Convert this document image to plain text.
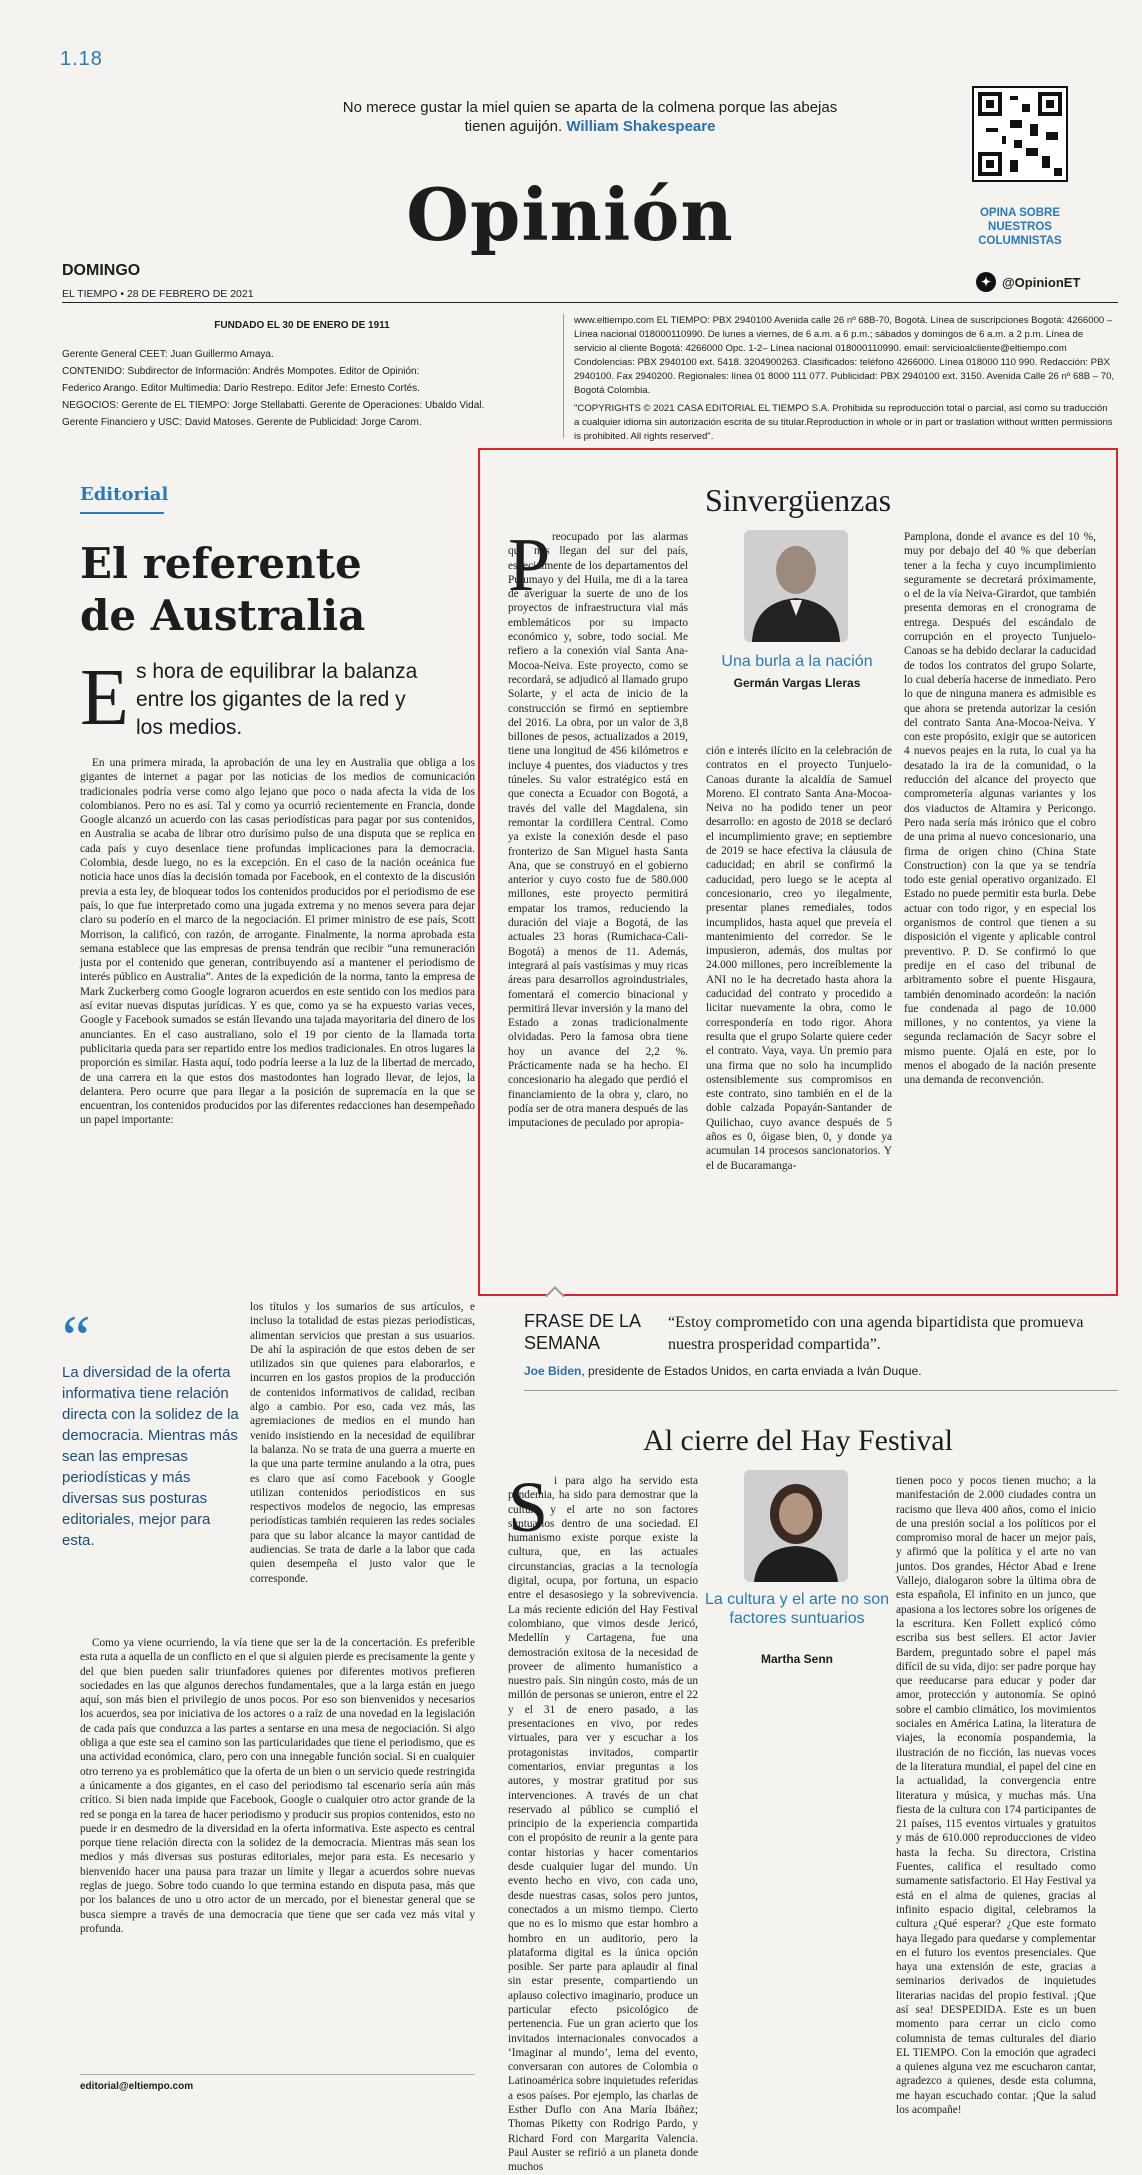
1.18
No merece gustar la miel quien se aparta de la colmena porque las abejas tienen aguijón. William Shakespeare
Opinión	OPINA SOBRE NUESTROS COLUMNISTAS
DOMINGO
EL TIEMPO • 28 DE FEBRERO DE 2021
✦ @OpinionET
FUNDADO EL 30 DE ENERO DE 1911
Gerente General CEET: Juan Guillermo Amaya.
CONTENIDO: Subdirector de Información: Andrés Mompotes. Editor de Opinión:
Federico Arango. Editor Multimedia: Darío Restrepo. Editor Jefe: Ernesto Cortés.
NEGOCIOS: Gerente de EL TIEMPO: Jorge Stellabatti. Gerente de Operaciones: Ubaldo Vidal.
Gerente Financiero y USC: David Matoses. Gerente de Publicidad: Jorge Carom.
www.eltiempo.com EL TIEMPO: PBX 2940100 Avenida calle 26 nº 68B-70, Bogotá. Línea de suscripciones Bogotá: 4266000 – Línea nacional 018000110990. De lunes a viernes, de 6 a.m. a 6 p.m.; sábados y domingos de 6 a.m. a 2 p.m. Línea de servicio al cliente Bogotá: 4266000 Opc. 1-2– Línea nacional 018000110990. email: servicioalcliente@eltiempo.com Condolencias: PBX 2940100 ext. 5418. 3204900263. Clasificados: teléfono 4266000. Línea 018000 110 990. Redacción: PBX 2940100. Fax 2940200. Regionales: línea 01 8000 111 077. Publicidad: PBX 2940100 ext. 3150. Avenida Calle 26 nº 68B – 70, Bogotá Colombia.
"COPYRIGHTS © 2021 CASA EDITORIAL EL TIEMPO S.A. Prohibida su reproducción total o parcial, así como su traducción a cualquier idioma sin autorización escrita de su titular.Reproduction in whole or in part or traslation without written permissions is prohibited. All rights reserved".
Editorial
El referente de Australia
E s hora de equilibrar la balanza entre los gigantes de la red y los medios.
En una primera mirada, la aprobación de una ley en Australia que obliga a los gigantes de internet a pagar por las noticias de los medios de comunicación tradicionales podría verse como algo lejano que poco o nada afecta la vida de los colombianos. Pero no es así. Tal y como ya ocurrió recientemente en Francia, donde Google alcanzó un acuerdo con las casas periodísticas para pagar por sus contenidos, en Australia se acaba de librar otro durísimo pulso de una disputa que se replica en cada país y cuyo desenlace tiene profundas implicaciones para la democracia. Colombia, desde luego, no es la excepción. En el caso de la nación oceánica fue noticia hace unos días la decisión tomada por Facebook, en el contexto de la discusión previa a esta ley, de bloquear todos los contenidos producidos por el periodismo de ese país, lo que fue interpretado como una jugada extrema y no menos severa para dejar claro su poderío en el marco de la negociación. El primer ministro de ese país, Scott Morrison, la calificó, con razón, de arrogante. Finalmente, la norma aprobada esta semana establece que las empresas de prensa tendrán que recibir “una remuneración justa por el contenido que generan, contribuyendo así a mantener el periodismo de interés público en Australia”. Antes de la expedición de la norma, tanto la empresa de Mark Zuckerberg como Google lograron acuerdos en este sentido con los medios para así evitar nuevas disputas jurídicas. Y es que, como ya se ha expuesto varias veces, Google y Facebook sumados se están llevando una tajada mayoritaria del dinero de los anunciantes. En el caso australiano, solo el 19 por ciento de la llamada torta publicitaria queda para ser repartido entre los medios tradicionales. En otros lugares la proporción es similar. Hasta aquí, todo podría leerse a la luz de la libertad de mercado, de una carrera en la que estos dos mastodontes han logrado llevar, de lejos, la delantera. Pero ocurre que para llegar a la posición de supremacía en la que se encuentran, los contenidos producidos por las diferentes redacciones han desempeñado un papel importante:
“
La diversidad de la oferta informativa tiene relación directa con la solidez de la democracia. Mientras más sean las empresas periodísticas y más diversas sus posturas editoriales, mejor para esta.
los títulos y los sumarios de sus artículos, e incluso la totalidad de estas piezas periodísticas, alimentan servicios que prestan a sus usuarios. De ahí la aspiración de que estos deben de ser utilizados sin que quienes para elaborarlos, e incurren en los gastos propios de la producción de contenidos informativos de calidad, reciban algo a cambio. Por eso, cada vez más, las agremiaciones de medios en el mundo han venido insistiendo en la necesidad de equilibrar la balanza. No se trata de una guerra a muerte en la que una parte termine anulando a la otra, pues es claro que así como Facebook y Google utilizan contenidos periodísticos en sus respectivos modelos de negocio, las empresas periodísticas también requieren las redes sociales para que su labor alcance la mayor cantidad de audiencias. Se trata de darle a la labor que cada quien desempeña el justo valor que le corresponde.
Como ya viene ocurriendo, la vía tiene que ser la de la concertación. Es preferible esta ruta a aquella de un conflicto en el que si alguien pierde es precisamente la gente y del que bien pueden salir triunfadores quienes por diferentes motivos prefieren sociedades en las que algunos derechos fundamentales, que a la larga están en juego aquí, son más bien el privilegio de unos pocos. Por eso son bienvenidos y necesarios los acuerdos, sea por iniciativa de los actores o a raíz de una novedad en la legislación de cada país que conduzca a las partes a sentarse en una mesa de negociación. Si algo obliga a que este sea el camino son las particularidades que tiene el periodismo, que es una actividad económica, claro, pero con una innegable función social. Si en cualquier otro terreno ya es problemático que la oferta de un bien o un servicio quede restringida a únicamente a dos gigantes, en el caso del periodismo tal escenario sería aún más crítico. Si bien nada impide que Facebook, Google o cualquier otro actor grande de la red se ponga en la tarea de hacer periodismo y producir sus propios contenidos, esto no puede ir en desmedro de la diversidad en la oferta informativa. Este aspecto es central porque tiene relación directa con la solidez de la democracia. Mientras más sean los medios y más diversas sus posturas editoriales, mejor para esta. Es necesario y bienvenido hacer una pausa para trazar un límite y llegar a acuerdos sobre nuevas reglas de juego. Sobre todo cuando lo que termina estando en disputa pasa, más que por los balances de uno u otro actor de un mercado, por el bienestar general que se busca siempre a través de una democracia que tiene que ser cada vez más vital y profunda.
editorial@eltiempo.com
Sinvergüenzas
P reocupado por las alarmas que nos llegan del sur del país, especialmente de los departamentos del Putumayo y del Huila, me di a la tarea de averiguar la suerte de uno de los proyectos de infraestructura vial más emblemáticos por su impacto económico y, sobre, todo social. Me refiero a la conexión vial Santa Ana-Mocoa-Neiva. Este proyecto, como se recordará, se adjudicó al llamado grupo Solarte, y el acta de inicio de la construcción se firmó en septiembre del 2016. La obra, por un valor de 3,8 billones de pesos, actualizados a 2019, tiene una longitud de 456 kilómetros e incluye 4 puentes, dos viaductos y tres túneles. Su valor estratégico está en que conecta a Ecuador con Bogotá, a través del valle del Magdalena, sin remontar la cordillera Central. Como ya existe la conexión desde el paso fronterizo de San Miguel hasta Santa Ana, que se construyó en el gobierno anterior y cuyo costo fue de 580.000 millones, este proyecto permitirá empatar los tramos, reduciendo la duración del viaje a Bogotá, de las actuales 23 horas (Rumichaca-Cali-Bogotá) a menos de 11. Además, integrará al país vastísimas y muy ricas áreas para desarrollos agroindustriales, fomentará el comercio binacional y permitirá llevar inversión y la mano del Estado a zonas tradicionalmente olvidadas. Pero la famosa obra tiene hoy un avance del 2,2 %. Prácticamente nada se ha hecho. El concesionario ha alegado que perdió el financiamiento de la obra y, claro, no podía ser de otra manera después de las imputaciones de peculado por apropia-
Una burla a la nación
Germán Vargas Lleras
ción e interés ilícito en la celebración de contratos en el proyecto Tunjuelo-Canoas durante la alcaldía de Samuel Moreno. El contrato Santa Ana-Mocoa-Neiva no ha podido tener un peor desarrollo: en agosto de 2018 se declaró el incumplimiento grave; en septiembre de 2019 se hace efectiva la cláusula de caducidad; en abril se confirmó la caducidad, pero luego se le acepta al concesionario, creo yo ilegalmente, presentar planes remediales, todos incumplidos, hasta aquel que preveía el mantenimiento del corredor. Se le impusieron, además, dos multas por 24.000 millones, pero increíblemente la ANI no le ha decretado hasta ahora la caducidad del contrato y procedido a licitar nuevamente la obra, como le correspondería en todo rigor. Ahora resulta que el grupo Solarte quiere ceder el contrato. Vaya, vaya. Un premio para una firma que no solo ha incumplido ostensiblemente sus compromisos en este contrato, sino también en el de la doble calzada Popayán-Santander de Quilichao, cuyo avance después de 5 años es 0, óigase bien, 0, y donde ya acumulan 14 procesos sancionatorios. Y el de Bucaramanga-
Pamplona, donde el avance es del 10 %, muy por debajo del 40 % que deberían tener a la fecha y cuyo incumplimiento seguramente se decretará próximamente, o el de la vía Neiva-Girardot, que también presenta demoras en el cronograma de entrega. Después del escándalo de corrupción en el proyecto Tunjuelo-Canoas se ha debido declarar la caducidad de todos los contratos del grupo Solarte, lo cual debería hacerse de inmediato. Pero lo que de ninguna manera es admisible es que ahora se pretenda autorizar la cesión del contrato Santa Ana-Mocoa-Neiva. Y con este propósito, exigir que se autoricen 4 nuevos peajes en la ruta, lo cual ya ha desatado la ira de la comunidad, o la reducción del alcance del proyecto que comprometería algunas variantes y los dos viaductos de Altamira y Pericongo. Pero nada sería más irónico que el cobro de una prima al nuevo concesionario, una firma de origen chino (China State Construction) con la que ya se tendría todo este genial operativo organizado. El Estado no puede permitir esta burla. Debe actuar con todo rigor, y en especial los organismos de control que tienen a su disposición el vigente y aplicable control preventivo. P. D. Se confirmó lo que predije en el caso del tribunal de arbitramento sobre el puente Hisgaura, también denominado acordeón: la nación fue condenada al pago de 10.000 millones, y no contentos, ya viene la segunda reclamación de Sacyr sobre el mismo puente. Ojalá en este, por lo menos el abogado de la nación presente una demanda de reconvención.
FRASE DE LA SEMANA
“Estoy comprometido con una agenda bipartidista que promueva nuestra prosperidad compartida”.
Joe Biden, presidente de Estados Unidos, en carta enviada a Iván Duque.
Al cierre del Hay Festival
S i para algo ha servido esta pandemia, ha sido para demostrar que la cultura y el arte no son factores suntuarios dentro de una sociedad. El humanismo existe porque existe la cultura, que, en las actuales circunstancias, gracias a la tecnología digital, ocupa, por fortuna, un espacio entre el desasosiego y la sobrevivencia. La más reciente edición del Hay Festival colombiano, que vimos desde Jericó, Medellín y Cartagena, fue una demostración exitosa de la necesidad de proveer de alimento humanístico a nuestro país. Sin ningún costo, más de un millón de personas se unieron, entre el 22 y el 31 de enero pasado, a las presentaciones en vivo, por redes virtuales, para ver y escuchar a los protagonistas invitados, compartir comentarios, enviar preguntas a los autores, y mostrar gratitud por sus intervenciones. A través de un chat reservado al público se cumplió el principio de la experiencia compartida con el propósito de reunir a la gente para contar historias y hacer comentarios desde cualquier lugar del mundo. Un evento hecho en vivo, con cada uno, desde nuestras casas, solos pero juntos, conectados a un mismo tiempo. Cierto que no es lo mismo que estar hombro a hombro en un auditorio, pero la plataforma digital es la única opción posible. Ser parte para aplaudir al final sin estar presente, compartiendo un aplauso colectivo imaginario, produce un particular efecto psicológico de pertenencia. Fue un gran acierto que los invitados internacionales convocados a ‘Imaginar al mundo’, lema del evento, conversaran con autores de Colombia o Latinoamérica sobre inquietudes referidas a esos países. Por ejemplo, las charlas de Esther Duflo con Ana María Ibáñez; Thomas Piketty con Rodrigo Pardo, y Richard Ford con Margarita Valencia. Paul Auster se refirió a un planeta donde muchos
La cultura y el arte no son factores suntuarios
Martha Senn
tienen poco y pocos tienen mucho; a la manifestación de 2.000 ciudades contra un racismo que lleva 400 años, como el inicio de una presión social a los políticos por el compromiso moral de hacer un mejor país, y afirmó que la política y el arte no van juntos. Dos grandes, Héctor Abad e Irene Vallejo, dialogaron sobre la última obra de esta española, El infinito en un junco, que apasiona a los lectores sobre los orígenes de la escritura. Ken Follett explicó cómo escriba sus best sellers. El actor Javier Bardem, preguntado sobre el papel más difícil de su vida, dijo: ser padre porque hay que reeducarse para educar y poder dar amor, protección y autonomía. Se opinó sobre el cambio climático, los movimientos sociales en América Latina, la literatura de viajes, la economía pospandemia, la ilustración de no ficción, las nuevas voces de la literatura mundial, el papel del cine en la actualidad, la convergencia entre literatura y música, y muchas más. Una fiesta de la cultura con 174 participantes de 21 países, 115 eventos virtuales y gratuitos y más de 610.000 reproducciones de video hasta la fecha. Su directora, Cristina Fuentes, califica el resultado como sumamente satisfactorio. El Hay Festival ya está en el alma de quienes, gracias al infinito espacio digital, celebramos la cultura ¿Qué esperar? ¿Que este formato haya llegado para quedarse y complementar en el futuro los eventos presenciales. Que haya una extensión de este, gracias a seminarios derivados de inquietudes literarias nacidas del propio festival. ¡Que así sea! DESPEDIDA. Este es un buen momento para cerrar un ciclo como columnista de temas culturales del diario EL TIEMPO. Con la emoción que agradeci a quienes alguna vez me escucharon cantar, agradezco a quienes, desde esta columna, me hayan escuchado contar. ¡Que la salud los acompañe!
